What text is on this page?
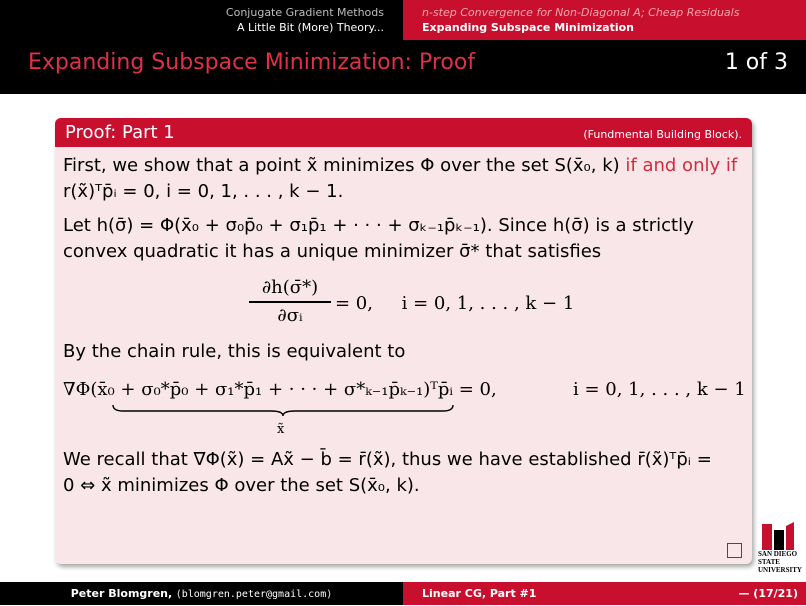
Conjugate Gradient Methods
A Little Bit (More) Theory...
n-step Convergence for Non-Diagonal A; Cheap Residuals
Expanding Subspace Minimization
Expanding Subspace Minimization: Proof	1 of 3
Proof: Part 1	(Fundmental Building Block).

First, we show that a point x̃ minimizes Φ over the set S(x̄₀, k) if and only if r(x̃)ᵀp̄ᵢ = 0, i = 0, 1, . . . , k − 1.

Let h(σ̄) = Φ(x̄₀ + σ₀p̄₀ + σ₁p̄₁ + · · · + σₖ₋₁p̄ₖ₋₁). Since h(σ̄) is a strictly convex quadratic it has a unique minimizer σ̄* that satisfies

∂h(σ̄*)
∂σᵢ
= 0,     i = 0, 1, . . . , k − 1

By the chain rule, this is equivalent to

∇Φ(x̄₀ + σ₀*p̄₀ + σ₁*p̄₁ + · · · + σ*ₖ₋₁p̄ₖ₋₁)ᵀp̄ᵢ = 0,	i = 0, 1, . . . , k − 1
x̃

We recall that ∇Φ(x̃) = Ax̃ − b̄ = r̄(x̃), thus we have established r̄(x̃)ᵀp̄ᵢ = 0 ⇔ x̃ minimizes Φ over the set S(x̄₀, k).

SAN DIEGO STATE
UNIVERSITY
Peter Blomgren, ⟨blomgren.peter@gmail.com⟩	Linear CG, Part #1	— (17/21)
